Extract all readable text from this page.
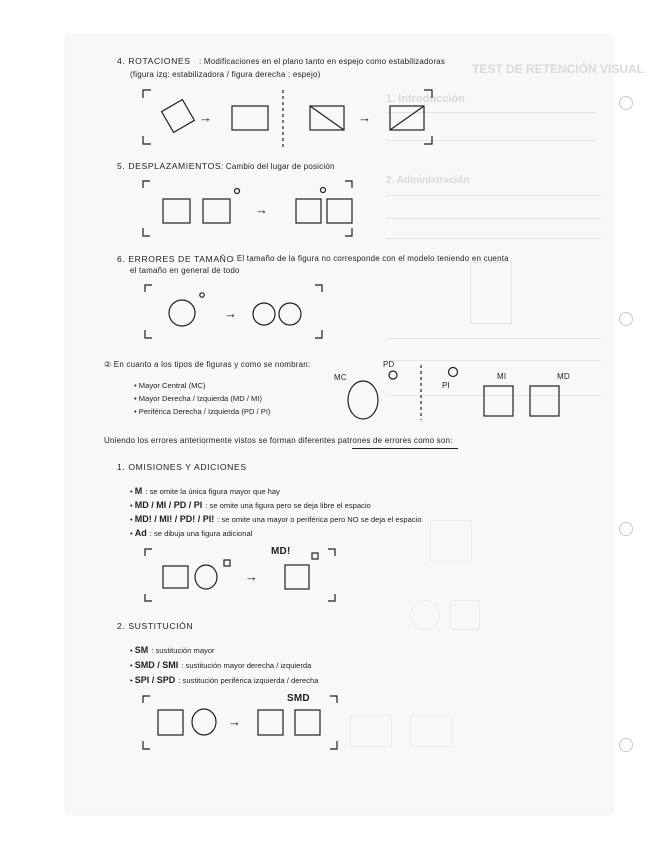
TEST DE RETENCIÓN VISUAL
1. Introducción
2. Administración
4. ROTACIONES : Modificaciones en el plano tanto en espejo como estabilizadoras
(figura izq: estabilizadora / figura derecha : espejo)
→	→
5. DESPLAZAMIENTOS : Cambio del lugar de posición
→
6. ERRORES DE TAMAÑO
: El tamaño de la figura no corresponde con el modelo teniendo en cuenta
el tamaño en general de todo
→
② En cuanto a los tipos de figuras y como se nombran:
• Mayor Central (MC)
• Mayor Derecha / Izquierda (MD / MI)
• Periférica Derecha / Izquierda (PD / PI)
MC
PD
PI
MI	MD
Uniendo los errores anteriormente vistos se forman diferentes patrones de errores como son:
1. OMISIONES Y ADICIONES
• M : se omite la única figura mayor que hay
• MD / MI / PD / PI : se omite una figura pero se deja libre el espacio
• MD! / MI! / PD! / PI! : se omite una mayor o periférica pero NO se deja el espacio
• Ad : se dibuja una figura adicional
→
MD!
2. SUSTITUCIÓN
• SM : sustitución mayor
• SMD / SMI : sustitución mayor derecha / izquierda
• SPI / SPD : sustitución periférica izquierda / derecha
→
SMD
